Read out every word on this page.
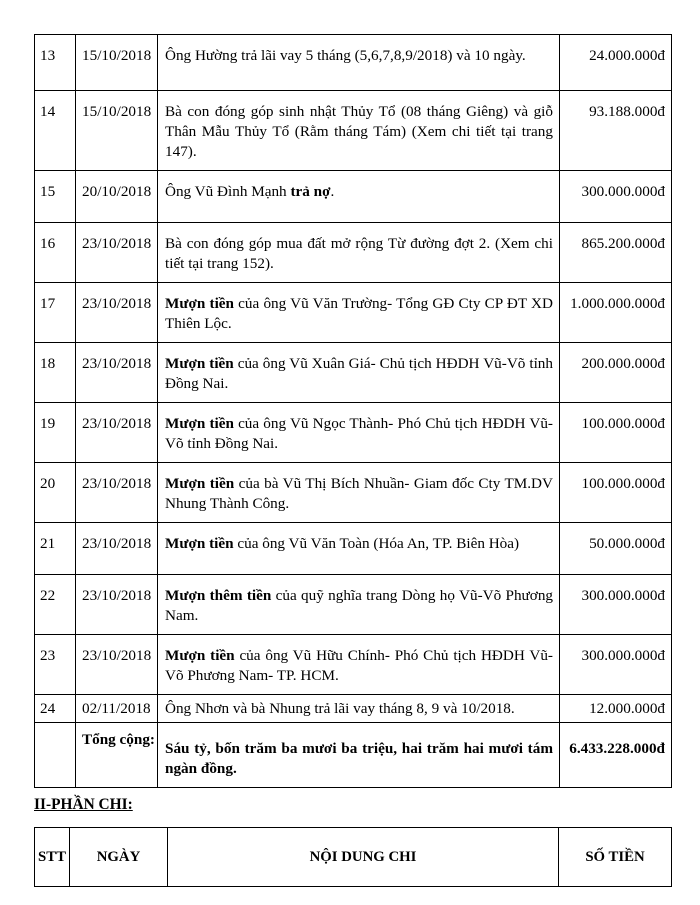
13	15/10/2018	Ông Hường trả lãi vay 5 tháng (5,6,7,8,9/2018) và 10 ngày.	24.000.000đ
14	15/10/2018	Bà con đóng góp sinh nhật Thủy Tổ (08 tháng Giêng) và giỗ Thân Mẫu Thủy Tổ (Rằm tháng Tám) (Xem chi tiết tại trang 147).	93.188.000đ
15	20/10/2018	Ông Vũ Đình Mạnh trả nợ.	300.000.000đ
16	23/10/2018	Bà con đóng góp mua đất mở rộng Từ đường đợt 2. (Xem chi tiết tại trang 152).	865.200.000đ
17	23/10/2018	Mượn tiền của ông Vũ Văn Trường- Tổng GĐ Cty CP ĐT XD Thiên Lộc.	1.000.000.000đ
18	23/10/2018	Mượn tiền của ông Vũ Xuân Giá- Chủ tịch HĐDH Vũ-Võ tỉnh Đồng Nai.	200.000.000đ
19	23/10/2018	Mượn tiền của ông Vũ Ngọc Thành- Phó Chủ tịch HĐDH Vũ-Võ tỉnh Đồng Nai.	100.000.000đ
20	23/10/2018	Mượn tiền của bà Vũ Thị Bích Nhuần- Giam đốc Cty TM.DV Nhung Thành Công.	100.000.000đ
21	23/10/2018	Mượn tiền của ông Vũ Văn Toàn (Hóa An, TP. Biên Hòa)	50.000.000đ
22	23/10/2018	Mượn thêm tiền của quỹ nghĩa trang Dòng họ Vũ-Võ Phương Nam.	300.000.000đ
23	23/10/2018	Mượn tiền của ông Vũ Hữu Chính- Phó Chủ tịch HĐDH Vũ-Võ Phương Nam- TP. HCM.	300.000.000đ
24	02/11/2018	Ông Nhơn và bà Nhung trả lãi vay tháng 8, 9 và 10/2018.	12.000.000đ
	Tổng cộng:	Sáu tỷ, bốn trăm ba mươi ba triệu, hai trăm hai mươi tám ngàn đồng.	6.433.228.000đ
II-PHẦN CHI:
STT	NGÀY	NỘI DUNG CHI	SỐ TIỀN
